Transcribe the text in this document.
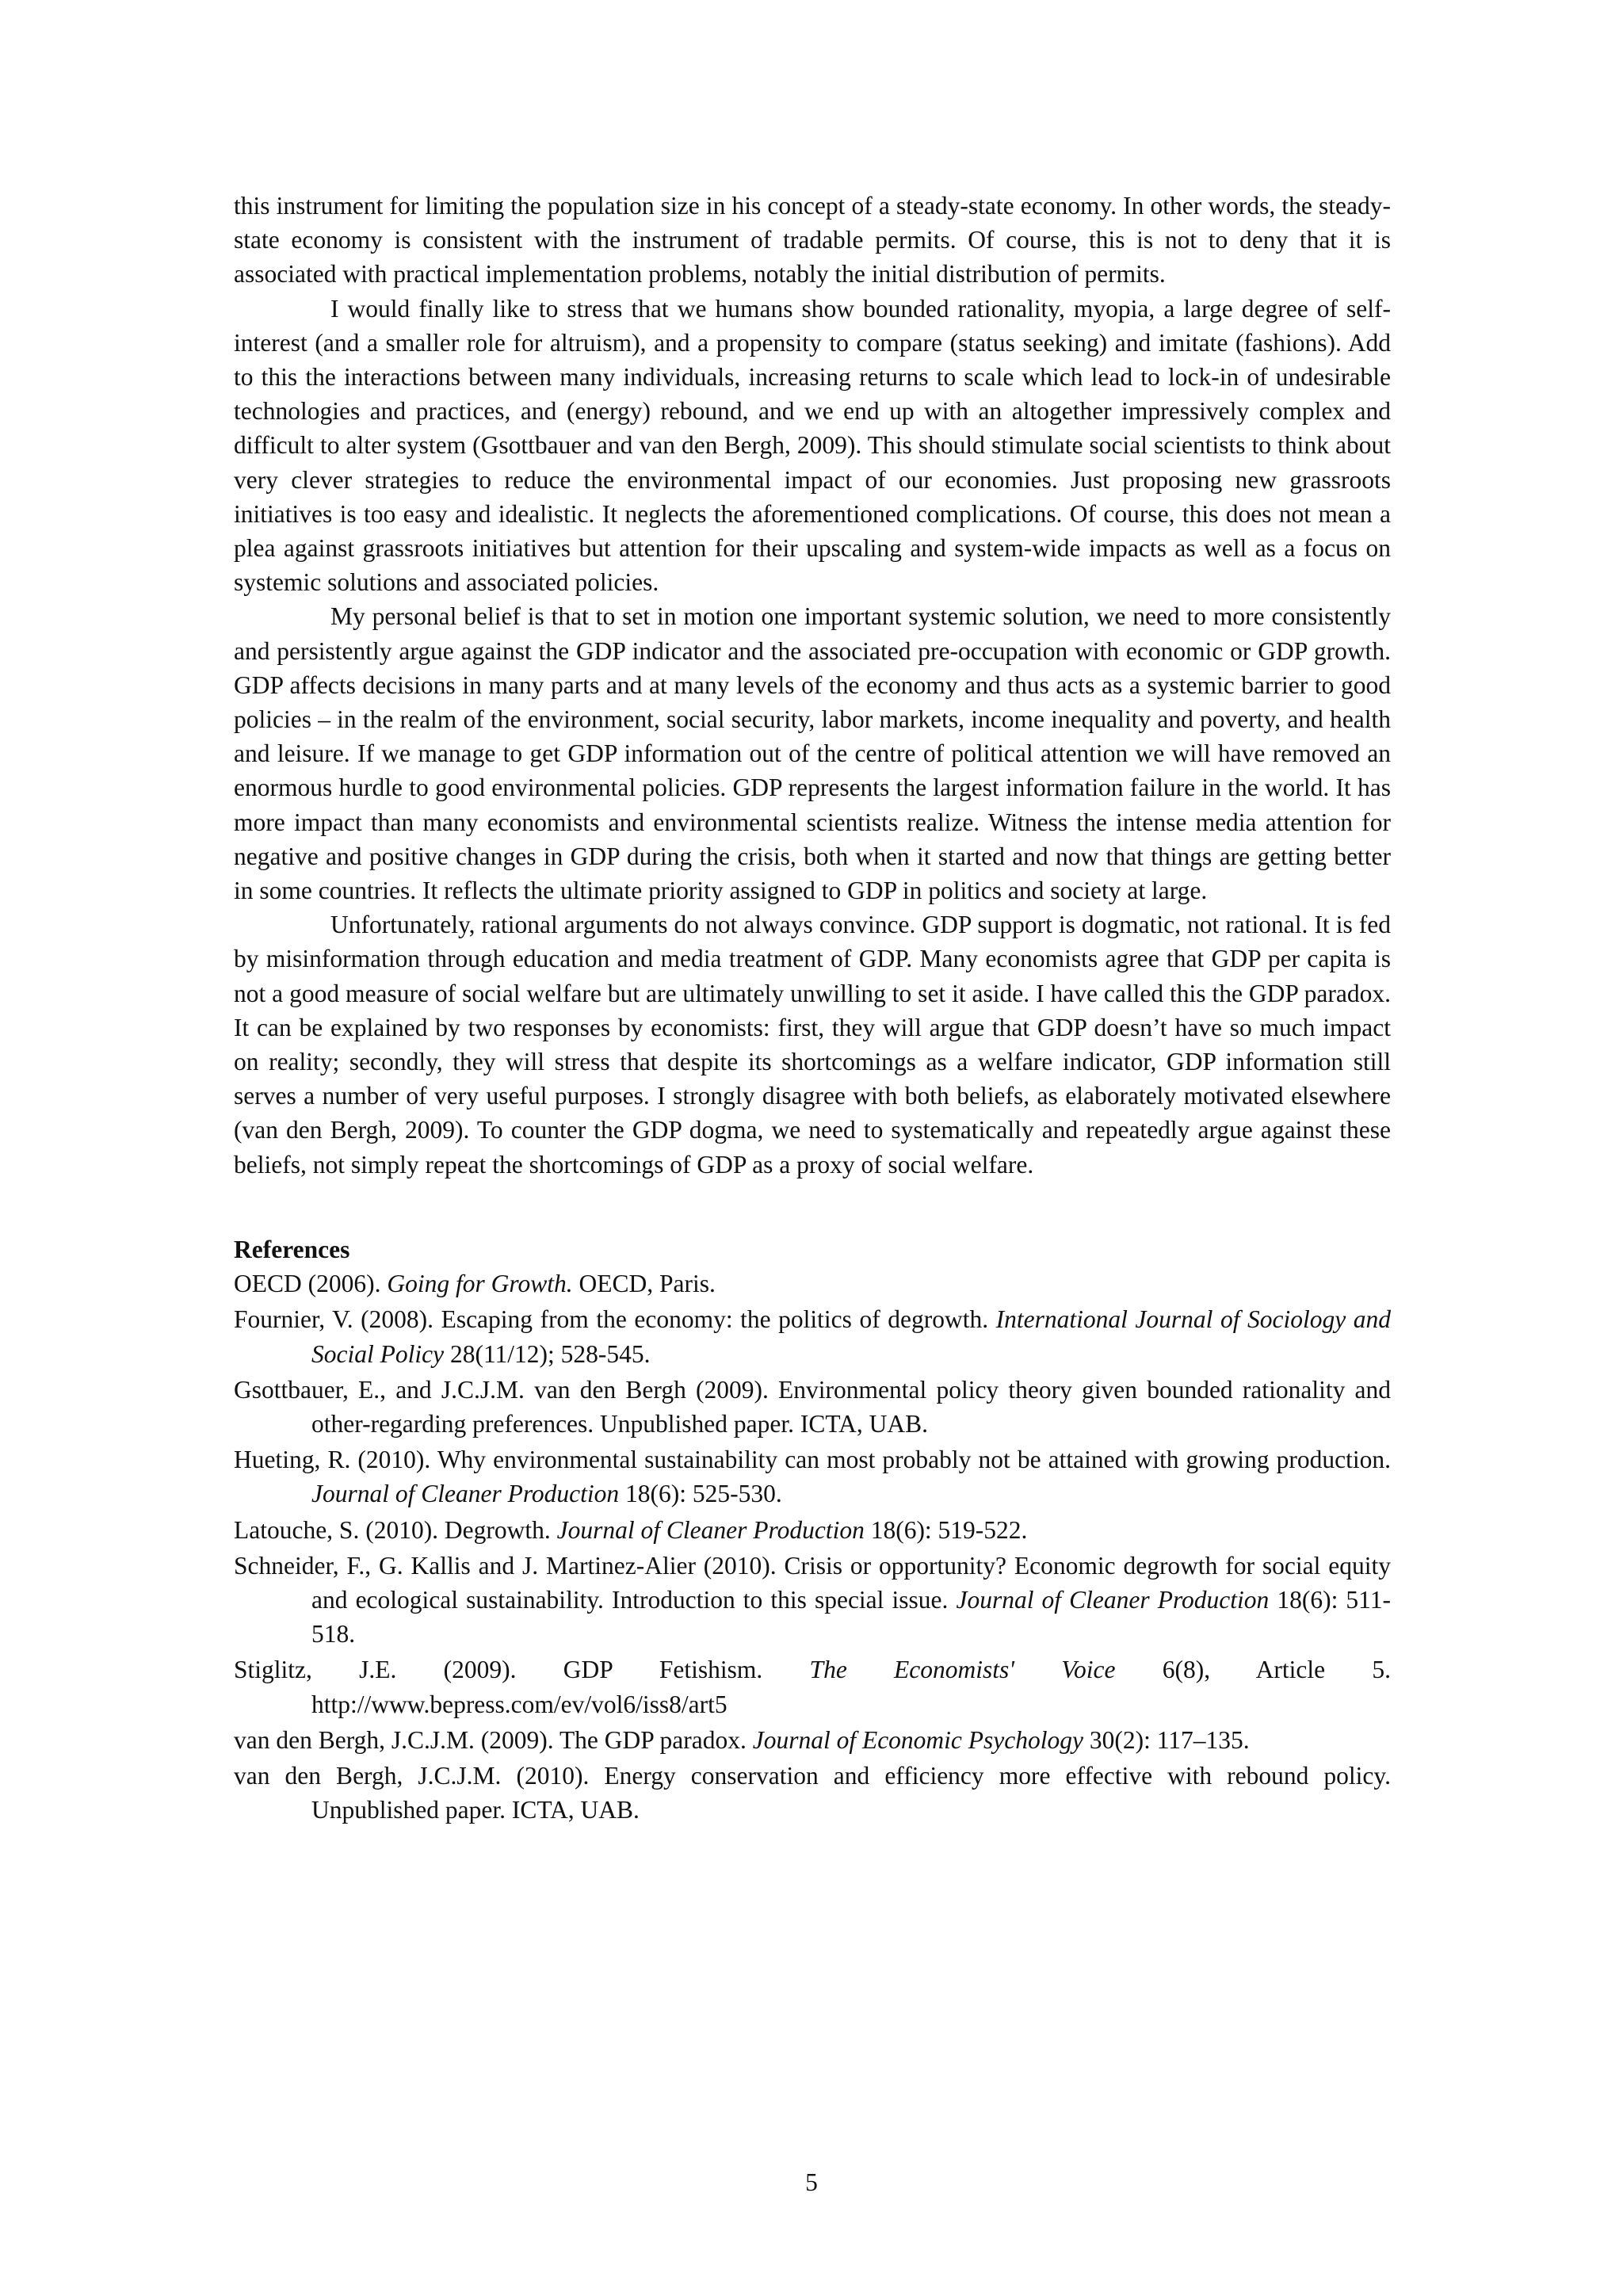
this instrument for limiting the population size in his concept of a steady-state economy. In other words, the steady-state economy is consistent with the instrument of tradable permits. Of course, this is not to deny that it is associated with practical implementation problems, notably the initial distribution of permits.

I would finally like to stress that we humans show bounded rationality, myopia, a large degree of self-interest (and a smaller role for altruism), and a propensity to compare (status seeking) and imitate (fashions). Add to this the interactions between many individuals, increasing returns to scale which lead to lock-in of undesirable technologies and practices, and (energy) rebound, and we end up with an altogether impressively complex and difficult to alter system (Gsottbauer and van den Bergh, 2009). This should stimulate social scientists to think about very clever strategies to reduce the environmental impact of our economies. Just proposing new grassroots initiatives is too easy and idealistic. It neglects the aforementioned complications. Of course, this does not mean a plea against grassroots initiatives but attention for their upscaling and system-wide impacts as well as a focus on systemic solutions and associated policies.

My personal belief is that to set in motion one important systemic solution, we need to more consistently and persistently argue against the GDP indicator and the associated pre-occupation with economic or GDP growth. GDP affects decisions in many parts and at many levels of the economy and thus acts as a systemic barrier to good policies – in the realm of the environment, social security, labor markets, income inequality and poverty, and health and leisure. If we manage to get GDP information out of the centre of political attention we will have removed an enormous hurdle to good environmental policies. GDP represents the largest information failure in the world. It has more impact than many economists and environmental scientists realize. Witness the intense media attention for negative and positive changes in GDP during the crisis, both when it started and now that things are getting better in some countries. It reflects the ultimate priority assigned to GDP in politics and society at large.

Unfortunately, rational arguments do not always convince. GDP support is dogmatic, not rational. It is fed by misinformation through education and media treatment of GDP. Many economists agree that GDP per capita is not a good measure of social welfare but are ultimately unwilling to set it aside. I have called this the GDP paradox. It can be explained by two responses by economists: first, they will argue that GDP doesn’t have so much impact on reality; secondly, they will stress that despite its shortcomings as a welfare indicator, GDP information still serves a number of very useful purposes. I strongly disagree with both beliefs, as elaborately motivated elsewhere (van den Bergh, 2009). To counter the GDP dogma, we need to systematically and repeatedly argue against these beliefs, not simply repeat the shortcomings of GDP as a proxy of social welfare.

References

OECD (2006). Going for Growth. OECD, Paris.

Fournier, V. (2008). Escaping from the economy: the politics of degrowth. International Journal of Sociology and Social Policy 28(11/12); 528-545.

Gsottbauer, E., and J.C.J.M. van den Bergh (2009). Environmental policy theory given bounded rationality and other-regarding preferences. Unpublished paper. ICTA, UAB.

Hueting, R. (2010). Why environmental sustainability can most probably not be attained with growing production. Journal of Cleaner Production 18(6): 525-530.

Latouche, S. (2010). Degrowth. Journal of Cleaner Production 18(6): 519-522.

Schneider, F., G. Kallis and J. Martinez-Alier (2010). Crisis or opportunity? Economic degrowth for social equity and ecological sustainability. Introduction to this special issue. Journal of Cleaner Production 18(6): 511-518.

Stiglitz, J.E. (2009). GDP Fetishism. The Economists' Voice 6(8), Article 5. http://www.bepress.com/ev/vol6/iss8/art5

van den Bergh, J.C.J.M. (2009). The GDP paradox. Journal of Economic Psychology 30(2): 117–135.

van den Bergh, J.C.J.M. (2010). Energy conservation and efficiency more effective with rebound policy. Unpublished paper. ICTA, UAB.

5
